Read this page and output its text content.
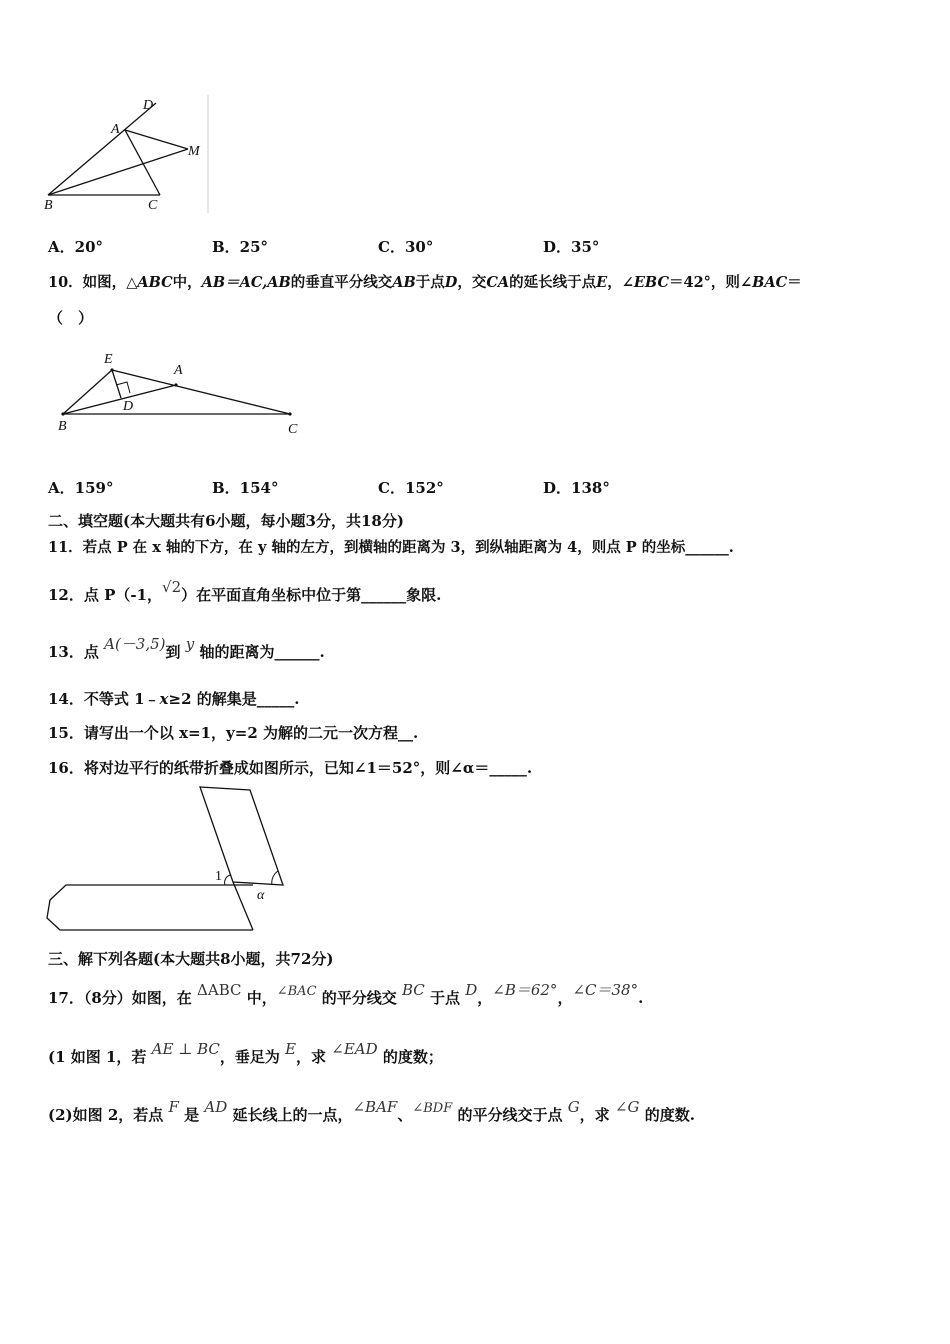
D
A
M
B	C
A．20°	B．25°	C．30°	D．35°
10．如图，△ABC中，AB＝AC,AB的垂直平分线交AB于点D，交CA的延长线于点E，∠EBC＝42°，则∠BAC＝
（　）
E
A
D
B	C
A．159°	B．154°	C．152°	D．138°
二、填空题(本大题共有6小题，每小题3分，共18分)
11．若点 P 在 x 轴的下方，在 y 轴的左方，到横轴的距离为 3，到纵轴距离为 4，则点 P 的坐标______.
12．点 P（-1，√2）在平面直角坐标中位于第______象限.
13．点 A(－3,5)到 y 轴的距离为______.
14．不等式 1﹣x≥2 的解集是_____.
15．请写出一个以 x=1，y=2 为解的二元一次方程__.
16．将对边平行的纸带折叠成如图所示，已知∠1＝52°，则∠α＝_____.
1
α
三、解下列各题(本大题共8小题，共72分)
17．（8分）如图，在 ΔABC 中，∠BAC 的平分线交 BC 于点 D，∠B＝62°，∠C＝38°.
(1 如图 1，若 AE ⊥ BC，垂足为 E，求 ∠EAD 的度数；
(2)如图 2，若点 F 是 AD 延长线上的一点，∠BAF、∠BDF 的平分线交于点 G，求 ∠G 的度数.
